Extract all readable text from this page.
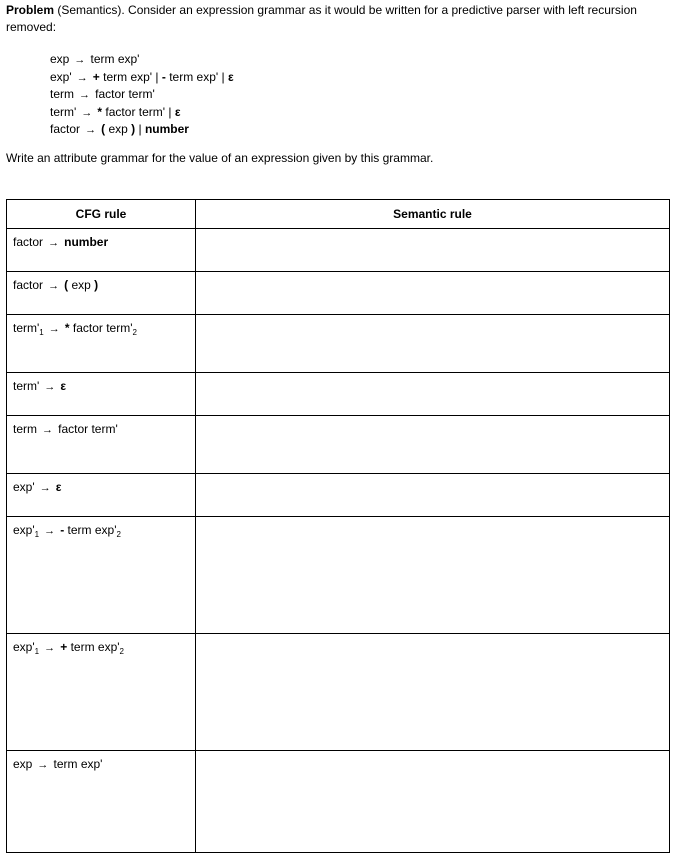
Problem (Semantics). Consider an expression grammar as it would be written for a predictive parser with left recursion removed:
exp → term exp'
exp' → + term exp' | - term exp' | ε
term → factor term'
term' → * factor term' | ε
factor → ( exp ) | number
Write an attribute grammar for the value of an expression given by this grammar.
CFG rule	Semantic rule

factor → number	

factor → ( exp )	

$term'_1$ → * factor $term'_2$

term' → ε	

term → factor term'	

exp' → ε	

$\exp'_1$ → - term $\exp'_2$

$\exp'_1$ → + term $\exp'_2$

exp → term exp'	
